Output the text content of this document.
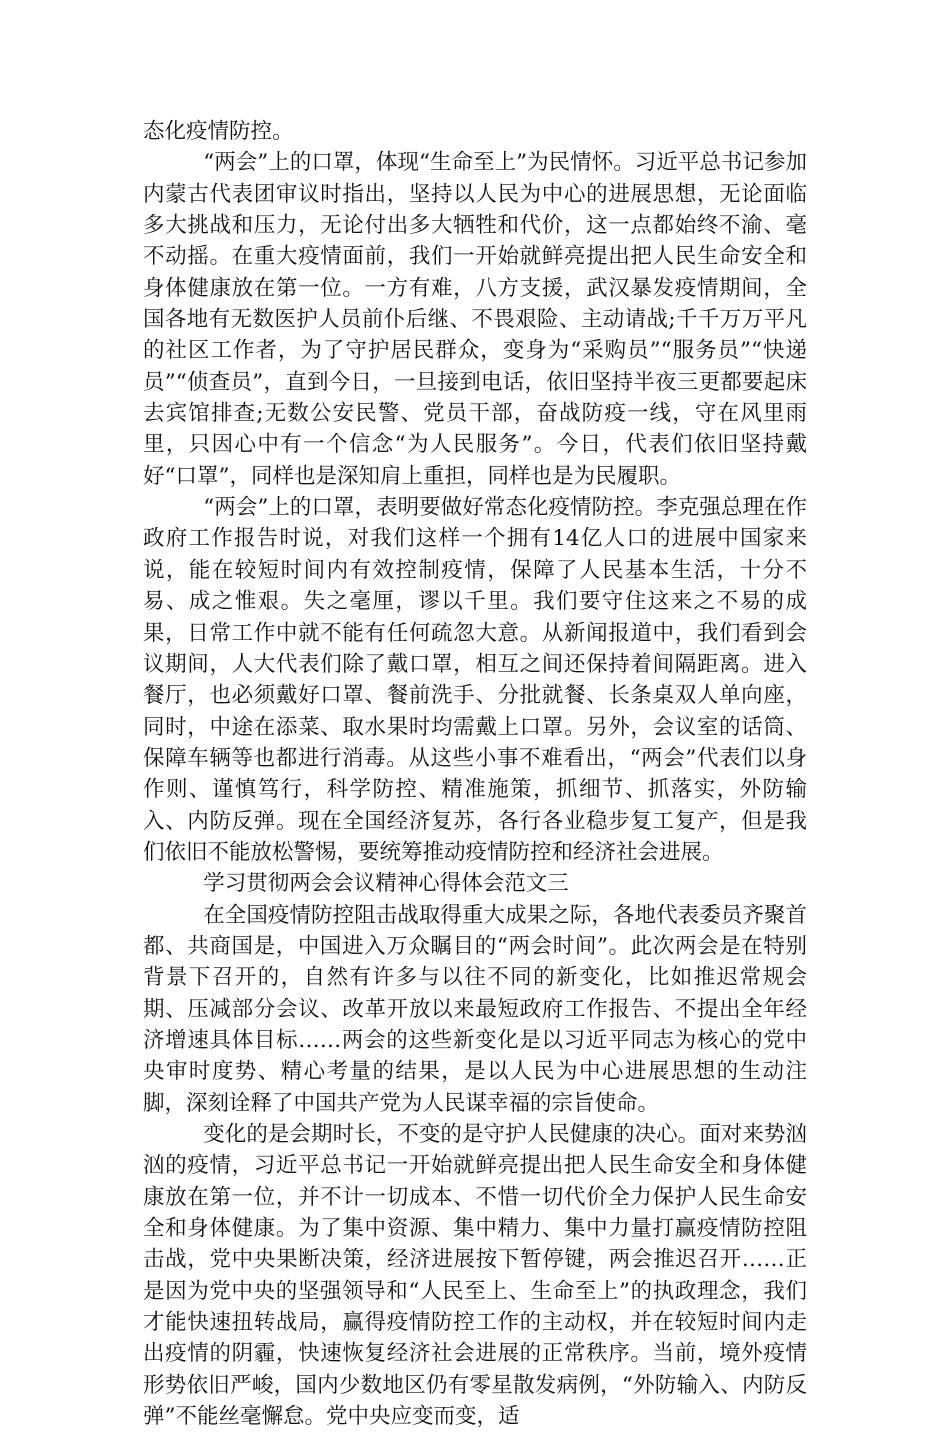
态化疫情防控。

“两会”上的口罩，体现“生命至上”为民情怀。习近平总书记参加内蒙古代表团审议时指出，坚持以人民为中心的进展思想，无论面临多大挑战和压力，无论付出多大牺牲和代价，这一点都始终不渝、毫不动摇。在重大疫情面前，我们一开始就鲜亮提出把人民生命安全和身体健康放在第一位。一方有难，八方支援，武汉暴发疫情期间，全国各地有无数医护人员前仆后继、不畏艰险、主动请战;千千万万平凡的社区工作者，为了守护居民群众，变身为“采购员”“服务员”“快递员”“侦查员”，直到今日，一旦接到电话，依旧坚持半夜三更都要起床去宾馆排查;无数公安民警、党员干部，奋战防疫一线，守在风里雨里，只因心中有一个信念“为人民服务”。今日，代表们依旧坚持戴好“口罩”，同样也是深知肩上重担，同样也是为民履职。

“两会”上的口罩，表明要做好常态化疫情防控。李克强总理在作政府工作报告时说，对我们这样一个拥有14亿人口的进展中国家来说，能在较短时间内有效控制疫情，保障了人民基本生活，十分不易、成之惟艰。失之毫厘，谬以千里。我们要守住这来之不易的成果，日常工作中就不能有任何疏忽大意。从新闻报道中，我们看到会议期间，人大代表们除了戴口罩，相互之间还保持着间隔距离。进入餐厅，也必须戴好口罩、餐前洗手、分批就餐、长条桌双人单向座，同时，中途在添菜、取水果时均需戴上口罩。另外，会议室的话筒、保障车辆等也都进行消毒。从这些小事不难看出，“两会”代表们以身作则、谨慎笃行，科学防控、精准施策，抓细节、抓落实，外防输入、内防反弹。现在全国经济复苏，各行各业稳步复工复产，但是我们依旧不能放松警惕，要统筹推动疫情防控和经济社会进展。

学习贯彻两会会议精神心得体会范文三

在全国疫情防控阻击战取得重大成果之际，各地代表委员齐聚首都、共商国是，中国进入万众瞩目的“两会时间”。此次两会是在特别背景下召开的，自然有许多与以往不同的新变化，比如推迟常规会期、压减部分会议、改革开放以来最短政府工作报告、不提出全年经济增速具体目标……两会的这些新变化是以习近平同志为核心的党中央审时度势、精心考量的结果，是以人民为中心进展思想的生动注脚，深刻诠释了中国共产党为人民谋幸福的宗旨使命。

变化的是会期时长，不变的是守护人民健康的决心。面对来势汹汹的疫情，习近平总书记一开始就鲜亮提出把人民生命安全和身体健康放在第一位，并不计一切成本、不惜一切代价全力保护人民生命安全和身体健康。为了集中资源、集中精力、集中力量打赢疫情防控阻击战，党中央果断决策，经济进展按下暂停键，两会推迟召开……正是因为党中央的坚强领导和“人民至上、生命至上”的执政理念，我们才能快速扭转战局，赢得疫情防控工作的主动权，并在较短时间内走出疫情的阴霾，快速恢复经济社会进展的正常秩序。当前，境外疫情形势依旧严峻，国内少数地区仍有零星散发病例，“外防输入、内防反弹”不能丝毫懈怠。党中央应变而变，适
